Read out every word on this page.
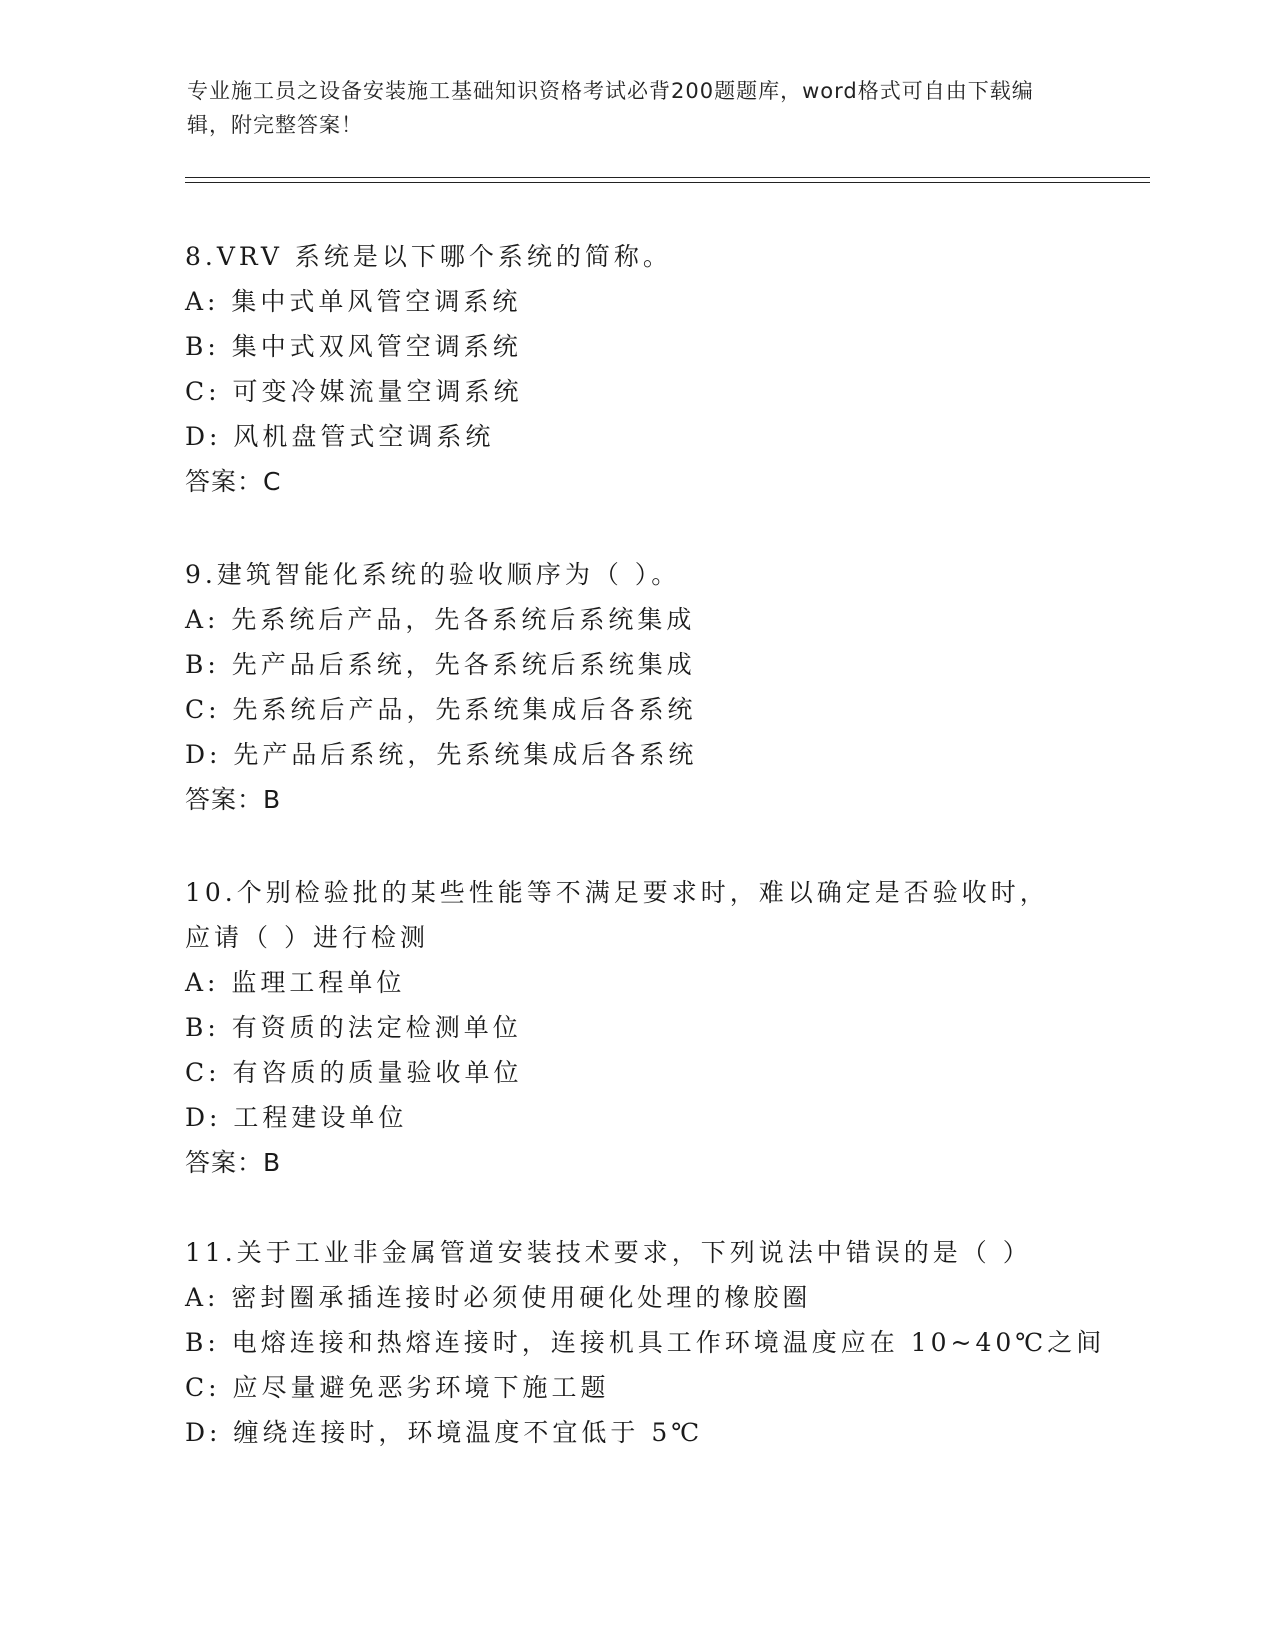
专业施工员之设备安装施工基础知识资格考试必背200题题库，word格式可自由下载编辑，附完整答案！
8.VRV 系统是以下哪个系统的简称。
A: 集中式单风管空调系统
B: 集中式双风管空调系统
C: 可变冷媒流量空调系统
D: 风机盘管式空调系统
答案：C
9.建筑智能化系统的验收顺序为（ ）。
A: 先系统后产品，先各系统后系统集成
B: 先产品后系统，先各系统后系统集成
C: 先系统后产品，先系统集成后各系统
D: 先产品后系统，先系统集成后各系统
答案：B
10.个别检验批的某些性能等不满足要求时，难以确定是否验收时，应请（ ）进行检测
A: 监理工程单位
B: 有资质的法定检测单位
C: 有咨质的质量验收单位
D: 工程建设单位
答案：B
11.关于工业非金属管道安装技术要求，下列说法中错误的是（ ）
A: 密封圈承插连接时必须使用硬化处理的橡胶圈
B: 电熔连接和热熔连接时，连接机具工作环境温度应在 10~40℃之间
C: 应尽量避免恶劣环境下施工题
D: 缠绕连接时，环境温度不宜低于 5℃
